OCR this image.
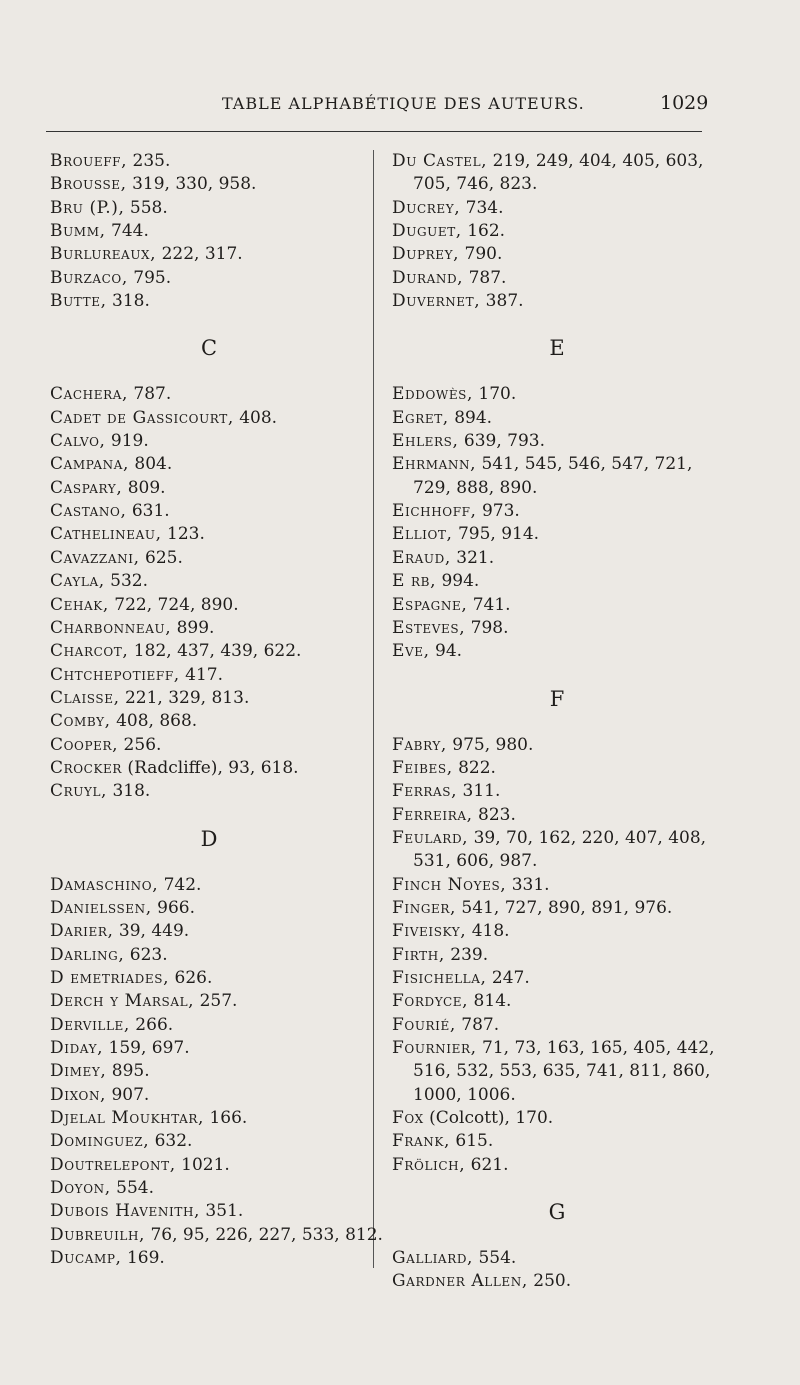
TABLE ALPHABÉTIQUE DES AUTEURS.	1029
Broueff, 235.
Brousse, 319, 330, 958.
Bru (P.), 558.
Bumm, 744.
Burlureaux, 222, 317.
Burzaco, 795.
Butte, 318.
C
Cachera, 787.
Cadet de Gassicourt, 408.
Calvo, 919.
Campana, 804.
Caspary, 809.
Castano, 631.
Cathelineau, 123.
Cavazzani, 625.
Cayla, 532.
Cehak, 722, 724, 890.
Charbonneau, 899.
Charcot, 182, 437, 439, 622.
Chtchepotieff, 417.
Claisse, 221, 329, 813.
Comby, 408, 868.
Cooper, 256.
Crocker (Radcliffe), 93, 618.
Cruyl, 318.
D
Damaschino, 742.
Danielssen, 966.
Darier, 39, 449.
Darling, 623.
D emetriades, 626.
Derch y Marsal, 257.
Derville, 266.
Diday, 159, 697.
Dimey, 895.
Dixon, 907.
Djelal Moukhtar, 166.
Dominguez, 632.
Doutrelepont, 1021.
Doyon, 554.
Dubois Havenith, 351.
Dubreuilh, 76, 95, 226, 227, 533, 812.
Ducamp, 169.
Du Castel, 219, 249, 404, 405, 603,
705, 746, 823.
Ducrey, 734.
Duguet, 162.
Duprey, 790.
Durand, 787.
Duvernet, 387.
E
Eddowès, 170.
Egret, 894.
Ehlers, 639, 793.
Ehrmann, 541, 545, 546, 547, 721,
729, 888, 890.
Eichhoff, 973.
Elliot, 795, 914.
Eraud, 321.
E rb, 994.
Espagne, 741.
Esteves, 798.
Eve, 94.
F
Fabry, 975, 980.
Feibes, 822.
Ferras, 311.
Ferreira, 823.
Feulard, 39, 70, 162, 220, 407, 408,
531, 606, 987.
Finch Noyes, 331.
Finger, 541, 727, 890, 891, 976.
Fiveisky, 418.
Firth, 239.
Fisichella, 247.
Fordyce, 814.
Fourié, 787.
Fournier, 71, 73, 163, 165, 405, 442,
516, 532, 553, 635, 741, 811, 860,
1000, 1006.
Fox (Colcott), 170.
Frank, 615.
Frölich, 621.
G
Galliard, 554.
Gardner Allen, 250.
